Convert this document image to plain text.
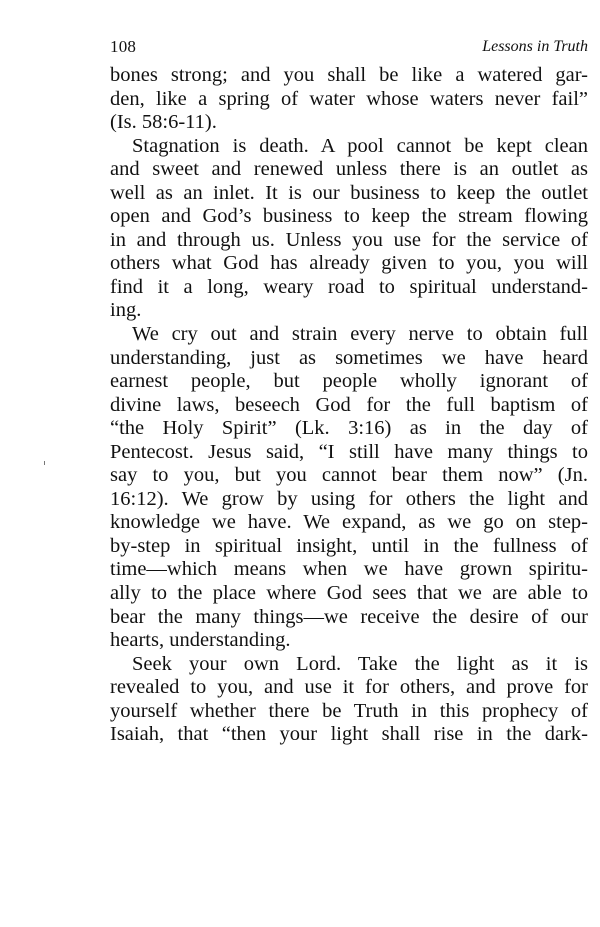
108	Lessons in Truth
bones strong; and you shall be like a watered gar-
den, like a spring of water whose waters never fail”
(Is. 58:6-11).
Stagnation is death. A pool cannot be kept clean
and sweet and renewed unless there is an outlet as
well as an inlet. It is our business to keep the outlet
open and God’s business to keep the stream flowing
in and through us. Unless you use for the service of
others what God has already given to you, you will
find it a long, weary road to spiritual understand-
ing.
We cry out and strain every nerve to obtain full
understanding, just as sometimes we have heard
earnest people, but people wholly ignorant of
divine laws, beseech God for the full baptism of
“the Holy Spirit” (Lk. 3:16) as in the day of
Pentecost. Jesus said, “I still have many things to
say to you, but you cannot bear them now” (Jn.
16:12). We grow by using for others the light and
knowledge we have. We expand, as we go on step-
by-step in spiritual insight, until in the fullness of
time—which means when we have grown spiritu-
ally to the place where God sees that we are able to
bear the many things—we receive the desire of our
hearts, understanding.
Seek your own Lord. Take the light as it is
revealed to you, and use it for others, and prove for
yourself whether there be Truth in this prophecy of
Isaiah, that “then your light shall rise in the dark-
